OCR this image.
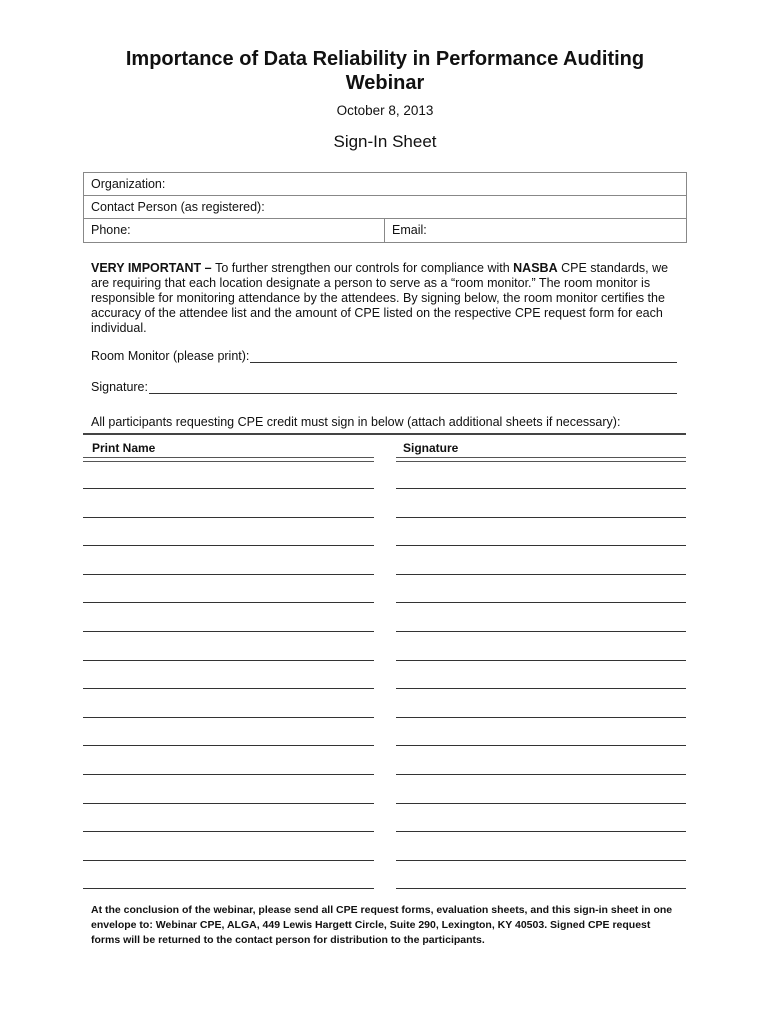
Importance of Data Reliability in Performance Auditing
Webinar
October 8, 2013
Sign-In Sheet
Organization:
Contact Person (as registered):
Phone:	Email:
VERY IMPORTANT – To further strengthen our controls for compliance with NASBA CPE standards, we are requiring that each location designate a person to serve as a “room monitor.” The room monitor is responsible for monitoring attendance by the attendees. By signing below, the room monitor certifies the accuracy of the attendee list and the amount of CPE listed on the respective CPE request form for each individual.
Room Monitor (please print):
Signature:
All participants requesting CPE credit must sign in below (attach additional sheets if necessary):
Print Name	Signature
At the conclusion of the webinar, please send all CPE request forms, evaluation sheets, and this sign-in sheet in one envelope to: Webinar CPE, ALGA, 449 Lewis Hargett Circle, Suite 290, Lexington, KY 40503. Signed CPE request forms will be returned to the contact person for distribution to the participants.
